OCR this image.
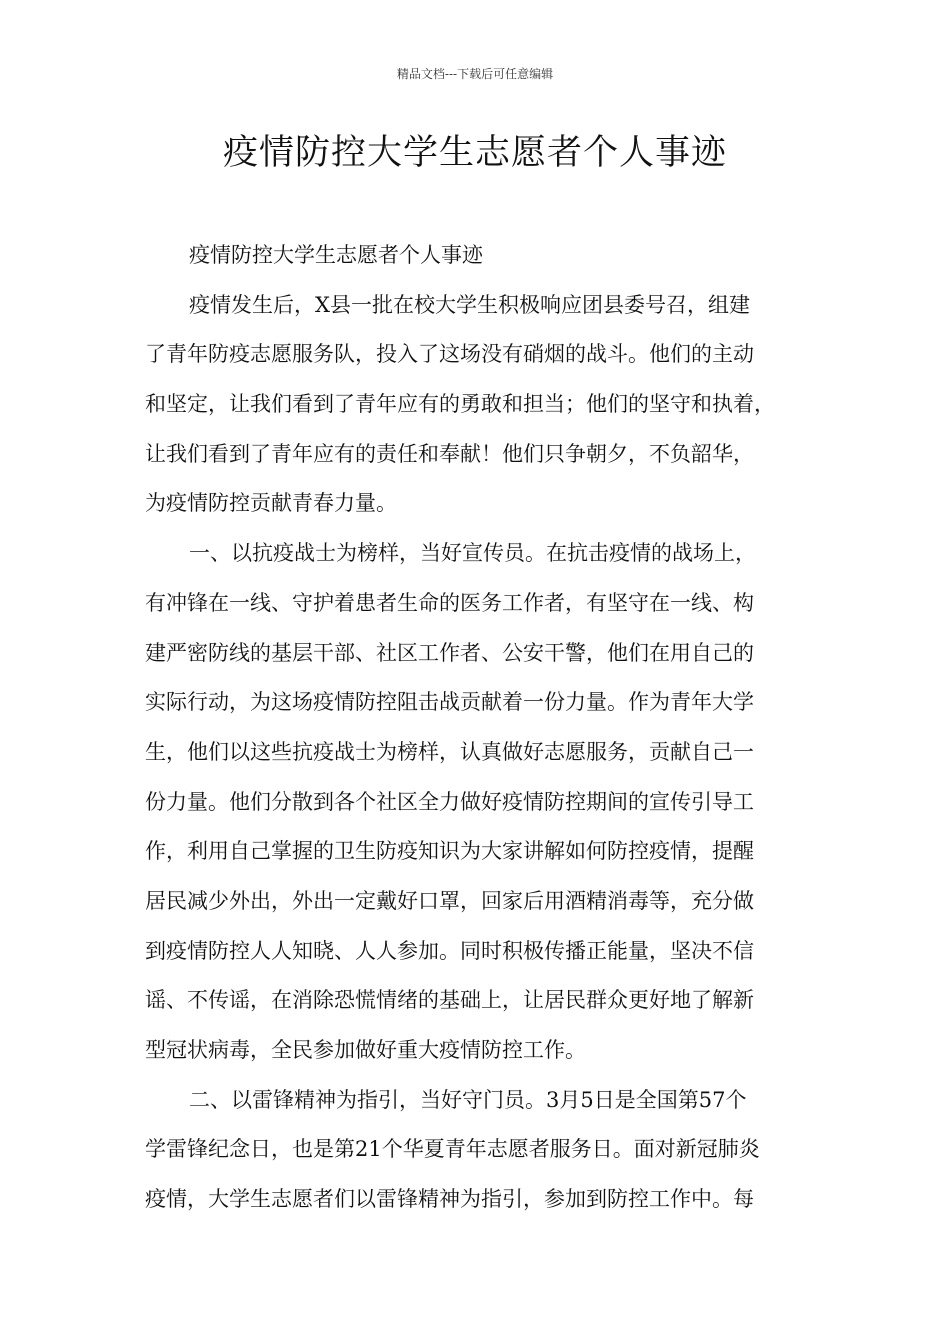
精品文档---下载后可任意编辑
疫情防控大学生志愿者个人事迹
疫情防控大学生志愿者个人事迹
疫情发生后，X县一批在校大学生积极响应团县委号召，组建
了青年防疫志愿服务队，投入了这场没有硝烟的战斗。他们的主动
和坚定，让我们看到了青年应有的勇敢和担当；他们的坚守和执着，
让我们看到了青年应有的责任和奉献！他们只争朝夕，不负韶华，
为疫情防控贡献青春力量。
一、以抗疫战士为榜样，当好宣传员。在抗击疫情的战场上，
有冲锋在一线、守护着患者生命的医务工作者，有坚守在一线、构
建严密防线的基层干部、社区工作者、公安干警，他们在用自己的
实际行动，为这场疫情防控阻击战贡献着一份力量。作为青年大学
生，他们以这些抗疫战士为榜样，认真做好志愿服务，贡献自己一
份力量。他们分散到各个社区全力做好疫情防控期间的宣传引导工
作，利用自己掌握的卫生防疫知识为大家讲解如何防控疫情，提醒
居民减少外出，外出一定戴好口罩，回家后用酒精消毒等，充分做
到疫情防控人人知晓、人人参加。同时积极传播正能量，坚决不信
谣、不传谣，在消除恐慌情绪的基础上，让居民群众更好地了解新
型冠状病毒，全民参加做好重大疫情防控工作。
二、以雷锋精神为指引，当好守门员。3月5日是全国第57个
学雷锋纪念日，也是第21个华夏青年志愿者服务日。面对新冠肺炎
疫情，大学生志愿者们以雷锋精神为指引，参加到防控工作中。每
